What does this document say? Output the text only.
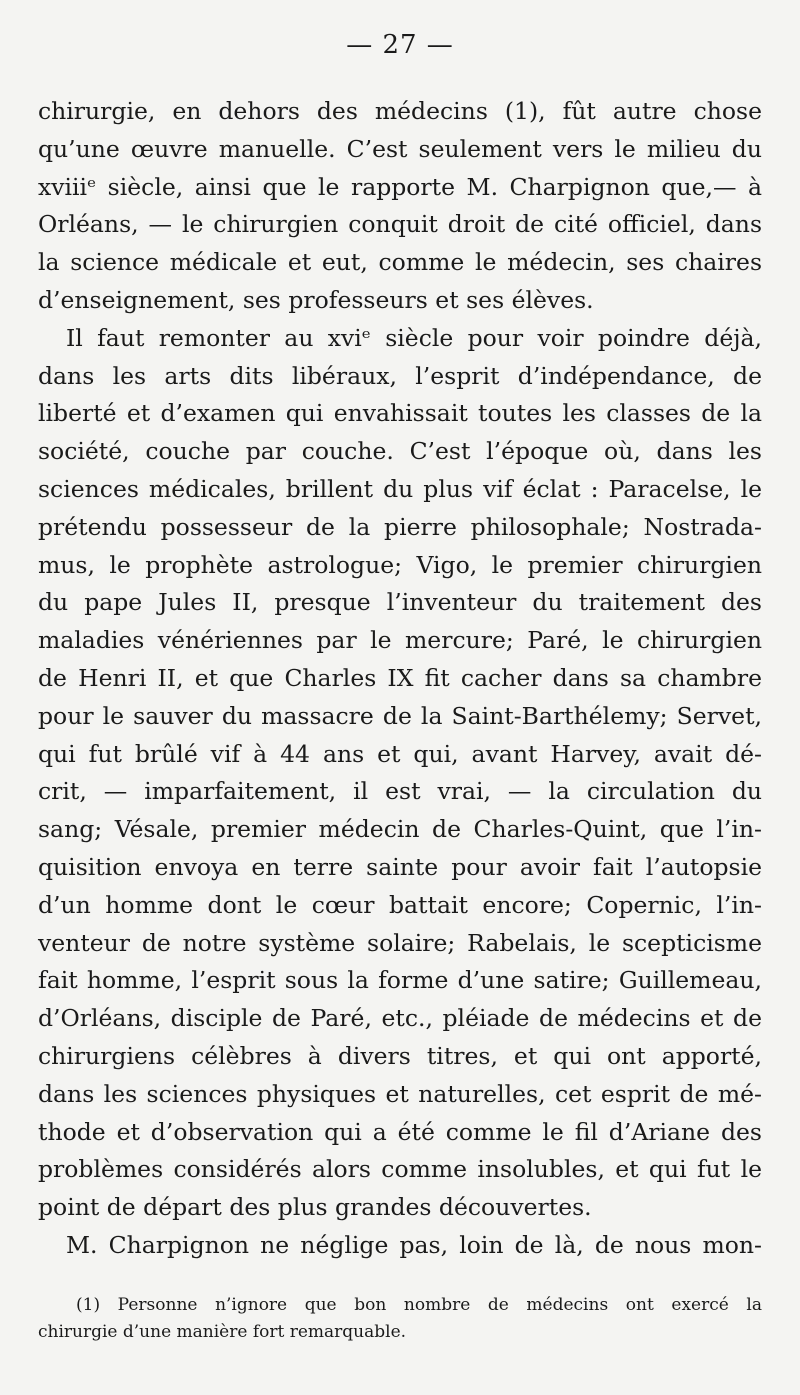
— 27 —
chirurgie, en dehors des médecins (1), fût autre chose
qu’une œuvre manuelle. C’est seulement vers le milieu du
xviiiᵉ siècle, ainsi que le rapporte M. Charpignon que,— à
Orléans, — le chirurgien conquit droit de cité officiel, dans
la science médicale et eut, comme le médecin, ses chaires
d’enseignement, ses professeurs et ses élèves.
Il faut remonter au xviᵉ siècle pour voir poindre déjà,
dans les arts dits libéraux, l’esprit d’indépendance, de
liberté et d’examen qui envahissait toutes les classes de la
société, couche par couche. C’est l’époque où, dans les
sciences médicales, brillent du plus vif éclat : Paracelse, le
prétendu possesseur de la pierre philosophale; Nostrada-
mus, le prophète astrologue; Vigo, le premier chirurgien
du pape Jules II, presque l’inventeur du traitement des
maladies vénériennes par le mercure; Paré, le chirurgien
de Henri II, et que Charles IX fit cacher dans sa chambre
pour le sauver du massacre de la Saint-Barthélemy; Servet,
qui fut brûlé vif à 44 ans et qui, avant Harvey, avait dé-
crit, — imparfaitement, il est vrai, — la circulation du
sang; Vésale, premier médecin de Charles-Quint, que l’in-
quisition envoya en terre sainte pour avoir fait l’autopsie
d’un homme dont le cœur battait encore; Copernic, l’in-
venteur de notre système solaire; Rabelais, le scepticisme
fait homme, l’esprit sous la forme d’une satire; Guillemeau,
d’Orléans, disciple de Paré, etc., pléiade de médecins et de
chirurgiens célèbres à divers titres, et qui ont apporté,
dans les sciences physiques et naturelles, cet esprit de mé-
thode et d’observation qui a été comme le fil d’Ariane des
problèmes considérés alors comme insolubles, et qui fut le
point de départ des plus grandes découvertes.
M. Charpignon ne néglige pas, loin de là, de nous mon-
(1) Personne n’ignore que bon nombre de médecins ont exercé la
chirurgie d’une manière fort remarquable.
